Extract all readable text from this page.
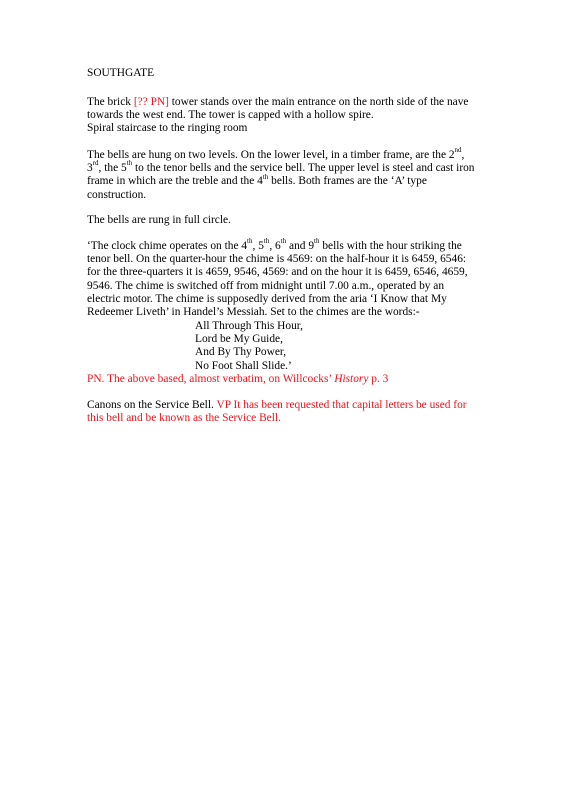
SOUTHGATE
The brick [?? PN] tower stands over the main entrance on the north side of the nave
towards the west end. The tower is capped with a hollow spire.
Spiral staircase to the ringing room
The bells are hung on two levels. On the lower level, in a timber frame, are the 2nd,
3rd, the 5th to the tenor bells and the service bell. The upper level is steel and cast iron
frame in which are the treble and the 4th bells. Both frames are the ‘A’ type
construction.
The bells are rung in full circle.
‘The clock chime operates on the 4th, 5th, 6th and 9th bells with the hour striking the
tenor bell. On the quarter-hour the chime is 4569: on the half-hour it is 6459, 6546:
for the three-quarters it is 4659, 9546, 4569: and on the hour it is 6459, 6546, 4659,
9546. The chime is switched off from midnight until 7.00 a.m., operated by an
electric motor. The chime is supposedly derived from the aria ‘I Know that My
Redeemer Liveth’ in Handel’s Messiah. Set to the chimes are the words:-
All Through This Hour,
Lord be My Guide,
And By Thy Power,
No Foot Shall Slide.’
PN. The above based, almost verbatim, on Willcocks’ History p. 3
Canons on the Service Bell. VP It has been requested that capital letters be used for
this bell and be known as the Service Bell.
